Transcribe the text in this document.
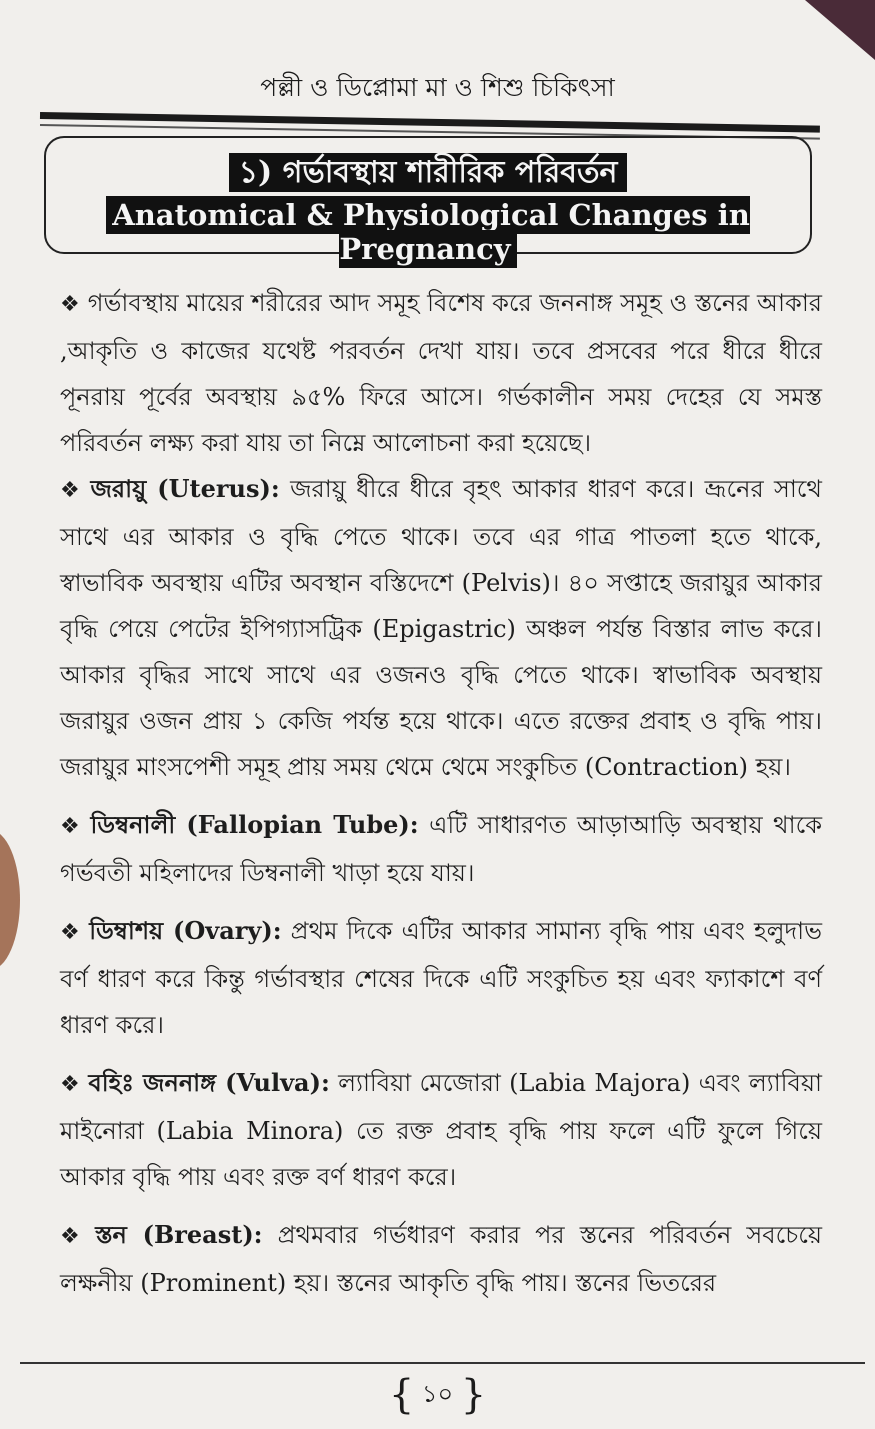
পল্লী ও ডিপ্লোমা মা ও শিশু চিকিৎসা
১) গর্ভাবস্থায় শারীরিক পরিবর্তন
Anatomical & Physiological Changes in Pregnancy

❖ গর্ভাবস্থায় মায়ের শরীরের আদ সমূহ বিশেষ করে জননাঙ্গ সমূহ ও স্তনের আকার ,আকৃতি ও কাজের যথেষ্ট পরবর্তন দেখা যায়। তবে প্রসবের পরে ধীরে ধীরে পূনরায় পূর্বের অবস্থায় ৯৫% ফিরে আসে। গর্ভকালীন সময় দেহের যে সমস্ত পরিবর্তন লক্ষ্য করা যায় তা নিম্নে আলোচনা করা হয়েছে।

❖ জরায়ু (Uterus): জরায়ু ধীরে ধীরে বৃহৎ আকার ধারণ করে। ভ্রূনের সাথে সাথে এর আকার ও বৃদ্ধি পেতে থাকে। তবে এর গাত্র পাতলা হতে থাকে, স্বাভাবিক অবস্থায় এটির অবস্থান বস্তিদেশে (Pelvis)। ৪০ সপ্তাহে জরায়ুর আকার বৃদ্ধি পেয়ে পেটের ইপিগ্যাসট্রিক (Epigastric) অঞ্চল পর্যন্ত বিস্তার লাভ করে। আকার বৃদ্ধির সাথে সাথে এর ওজনও বৃদ্ধি পেতে থাকে। স্বাভাবিক অবস্থায় জরায়ুর ওজন প্রায় ১ কেজি পর্যন্ত হয়ে থাকে। এতে রক্তের প্রবাহ ও বৃদ্ধি পায়। জরায়ুর মাংসপেশী সমূহ প্রায় সময় থেমে থেমে সংকুচিত (Contraction) হয়।

❖ ডিম্বনালী (Fallopian Tube): এটি সাধারণত আড়াআড়ি অবস্থায় থাকে গর্ভবতী মহিলাদের ডিম্বনালী খাড়া হয়ে যায়।

❖ ডিম্বাশয় (Ovary): প্রথম দিকে এটির আকার সামান্য বৃদ্ধি পায় এবং হলুদাভ বর্ণ ধারণ করে কিন্তু গর্ভাবস্থার শেষের দিকে এটি সংকুচিত হয় এবং ফ্যাকাশে বর্ণ ধারণ করে।

❖ বহিঃ জননাঙ্গ (Vulva): ল্যাবিয়া মেজোরা (Labia Majora) এবং ল্যাবিয়া মাইনোরা (Labia Minora) তে রক্ত প্রবাহ বৃদ্ধি পায় ফলে এটি ফুলে গিয়ে আকার বৃদ্ধি পায় এবং রক্ত বর্ণ ধারণ করে।

❖ স্তন (Breast): প্রথমবার গর্ভধারণ করার পর স্তনের পরিবর্তন সবচেয়ে লক্ষনীয় (Prominent) হয়। স্তনের আকৃতি বৃদ্ধি পায়। স্তনের ভিতরের

{ ১০ }
